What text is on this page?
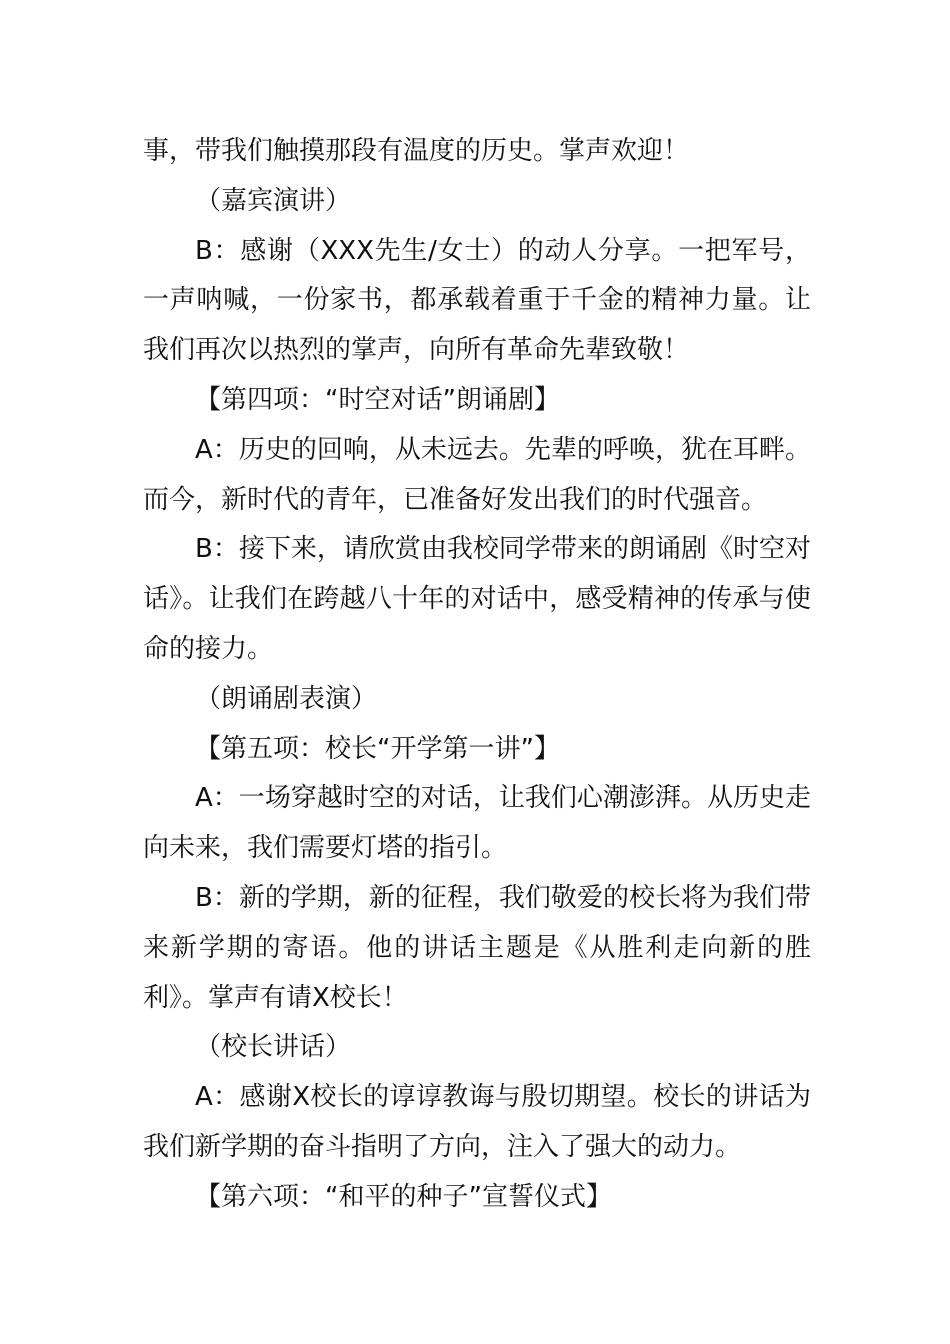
事，带我们触摸那段有温度的历史。掌声欢迎！

（嘉宾演讲）

B：感谢（XXX先生/女士）的动人分享。一把军号，一声呐喊，一份家书，都承载着重于千金的精神力量。让我们再次以热烈的掌声，向所有革命先辈致敬！

【第四项：“时空对话”朗诵剧】

A：历史的回响，从未远去。先辈的呼唤，犹在耳畔。而今，新时代的青年，已准备好发出我们的时代强音。

B：接下来，请欣赏由我校同学带来的朗诵剧《时空对话》。让我们在跨越八十年的对话中，感受精神的传承与使命的接力。

（朗诵剧表演）

【第五项：校长“开学第一讲”】

A：一场穿越时空的对话，让我们心潮澎湃。从历史走向未来，我们需要灯塔的指引。

B：新的学期，新的征程，我们敬爱的校长将为我们带来新学期的寄语。他的讲话主题是《从胜利走向新的胜利》。掌声有请X校长！

（校长讲话）

A：感谢X校长的谆谆教诲与殷切期望。校长的讲话为我们新学期的奋斗指明了方向，注入了强大的动力。

【第六项：“和平的种子”宣誓仪式】
